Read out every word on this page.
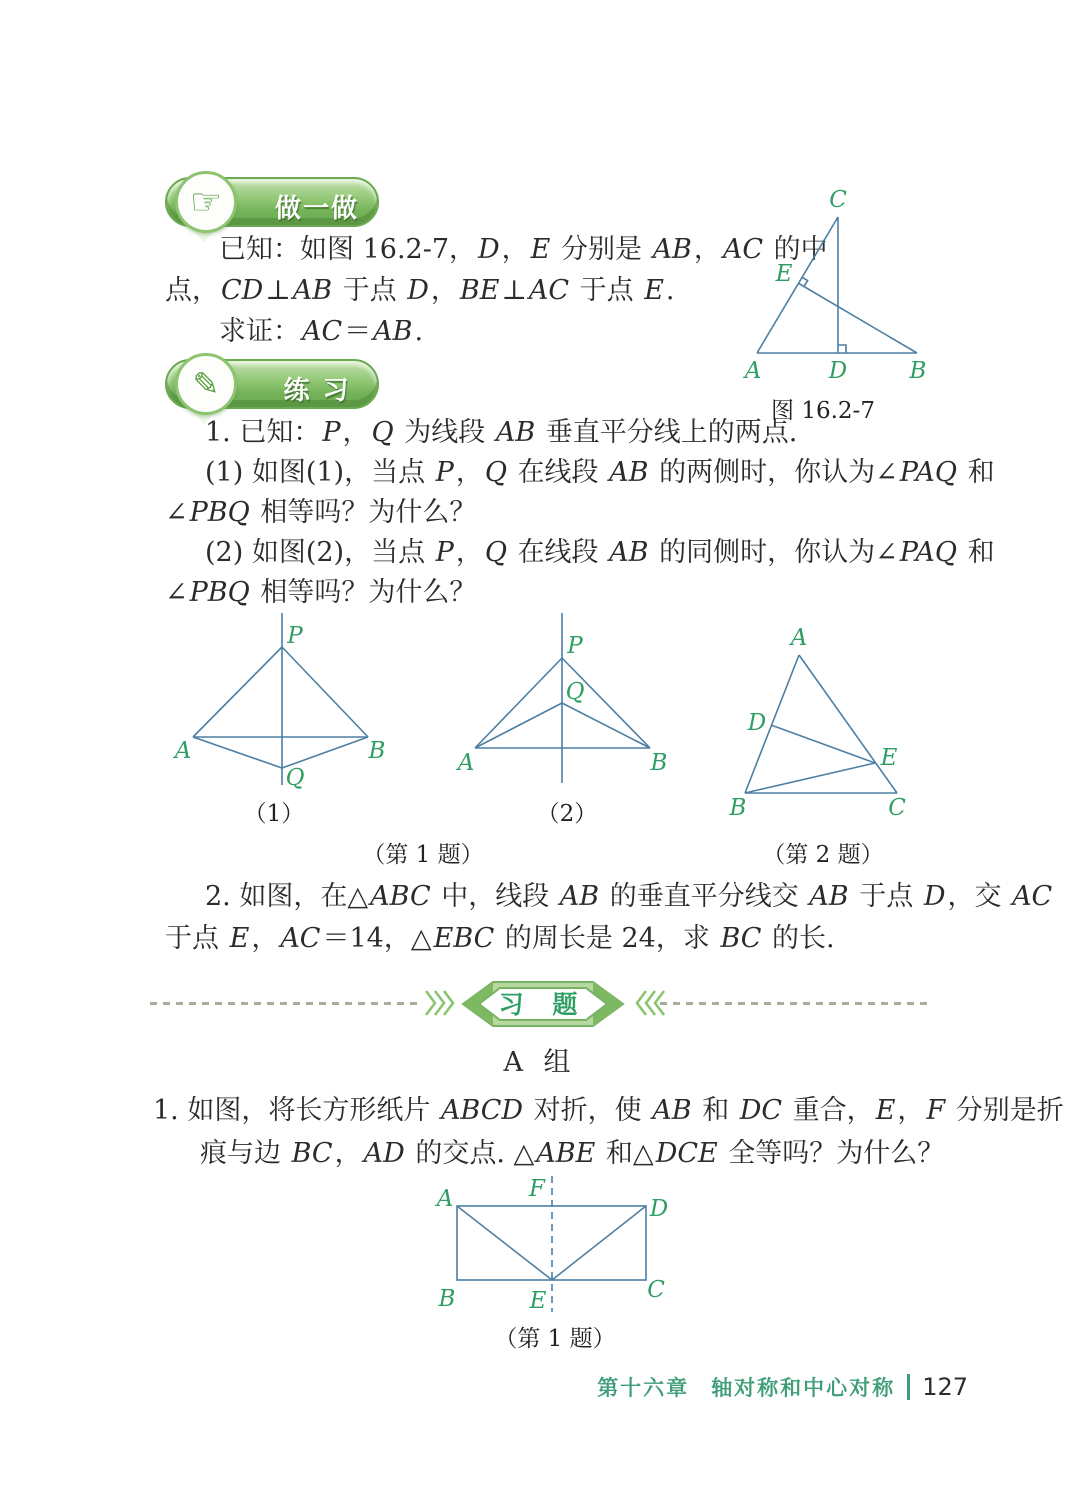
☞	做一做
已知：如图 16.2-7，D，E 分别是 AB，AC 的中
点，CD⊥AB 于点 D，BE⊥AC 于点 E.
求证：AC＝AB.
C
E
A	D	B
图 16.2-7
✎	练 习
1. 已知：P，Q 为线段 AB 垂直平分线上的两点.
(1) 如图(1)，当点 P，Q 在线段 AB 的两侧时，你认为∠PAQ 和
∠PBQ 相等吗？为什么？
(2) 如图(2)，当点 P，Q 在线段 AB 的同侧时，你认为∠PAQ 和
∠PBQ 相等吗？为什么？
P
A	B
Q
（1）
P
Q
A	B
（2）
A
D
E
B	C
（第 1 题）	（第 2 题）
2. 如图，在△ABC 中，线段 AB 的垂直平分线交 AB 于点 D，交 AC
于点 E，AC＝14，△EBC 的周长是 24，求 BC 的长.
习 题
A 组
1. 如图，将长方形纸片 ABCD 对折，使 AB 和 DC 重合，E，F 分别是折
痕与边 BC，AD 的交点. △ABE 和△DCE 全等吗？为什么？
A	F
D
B	E	C
（第 1 题）
第十六章 轴对称和中心对称 127
